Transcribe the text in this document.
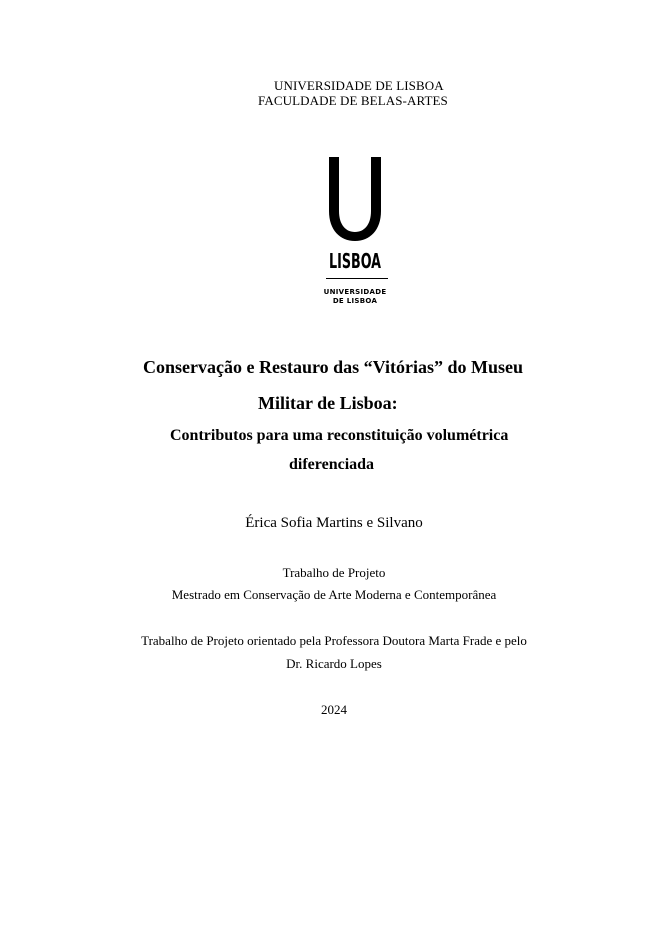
UNIVERSIDADE DE LISBOA
FACULDADE DE BELAS-ARTES
LISBOA
UNIVERSIDADE
DE LISBOA
Conservação e Restauro das “Vitórias” do Museu
Militar de Lisboa:
Contributos para uma reconstituição volumétrica
diferenciada
Érica Sofia Martins e Silvano
Trabalho de Projeto
Mestrado em Conservação de Arte Moderna e Contemporânea
Trabalho de Projeto orientado pela Professora Doutora Marta Frade e pelo
Dr. Ricardo Lopes
2024
